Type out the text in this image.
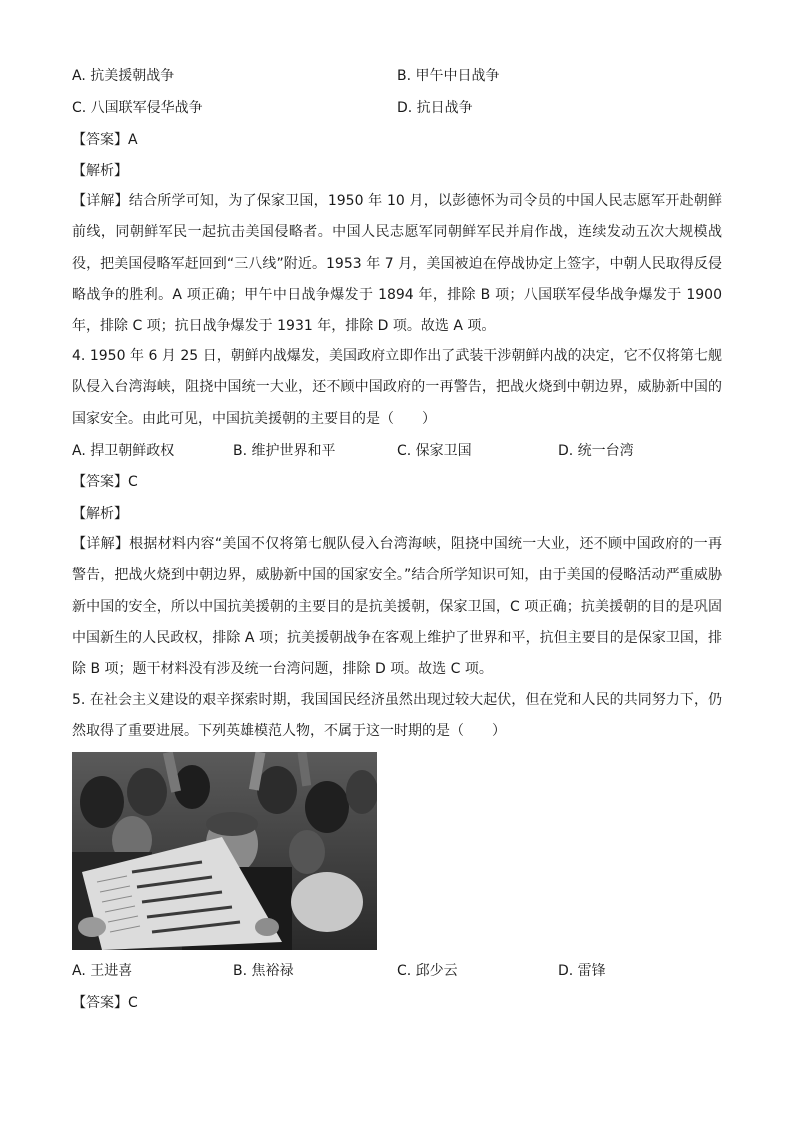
A. 抗美援朝战争	B. 甲午中日战争
C. 八国联军侵华战争	D. 抗日战争
【答案】A
【解析】
【详解】结合所学可知，为了保家卫国，1950 年 10 月，以彭德怀为司令员的中国人民志愿军开赴朝鲜前线，同朝鲜军民一起抗击美国侵略者。中国人民志愿军同朝鲜军民并肩作战，连续发动五次大规模战役，把美国侵略军赶回到“三八线”附近。1953 年 7 月，美国被迫在停战协定上签字，中朝人民取得反侵略战争的胜利。A 项正确；甲午中日战争爆发于 1894 年，排除 B 项；八国联军侵华战争爆发于 1900 年，排除 C 项；抗日战争爆发于 1931 年，排除 D 项。故选 A 项。
4. 1950 年 6 月 25 日，朝鲜内战爆发，美国政府立即作出了武装干涉朝鲜内战的决定，它不仅将第七舰队侵入台湾海峡，阻挠中国统一大业，还不顾中国政府的一再警告，把战火烧到中朝边界，威胁新中国的国家安全。由此可见，中国抗美援朝的主要目的是（　　）
A. 捍卫朝鲜政权	B. 维护世界和平	C. 保家卫国	D. 统一台湾
【答案】C
【解析】
【详解】根据材料内容“美国不仅将第七舰队侵入台湾海峡，阻挠中国统一大业，还不顾中国政府的一再警告，把战火烧到中朝边界，威胁新中国的国家安全。”结合所学知识可知，由于美国的侵略活动严重威胁新中国的安全，所以中国抗美援朝的主要目的是抗美援朝，保家卫国，C 项正确；抗美援朝的目的是巩固中国新生的人民政权，排除 A 项；抗美援朝战争在客观上维护了世界和平，抗但主要目的是保家卫国，排除 B 项；题干材料没有涉及统一台湾问题，排除 D 项。故选 C 项。
5. 在社会主义建设的艰辛探索时期，我国国民经济虽然出现过较大起伏，但在党和人民的共同努力下，仍然取得了重要进展。下列英雄模范人物，不属于这一时期的是（　　）
A. 王进喜	B. 焦裕禄	C. 邱少云	D. 雷锋
【答案】C
